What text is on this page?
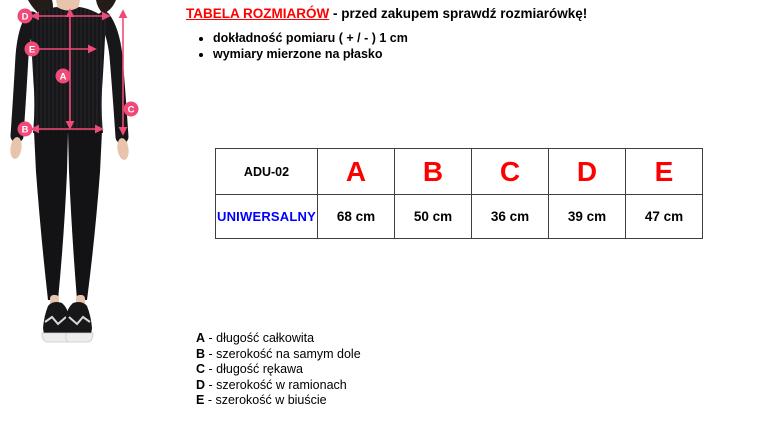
D
E
A
C
B
TABELA ROZMIARÓW - przed zakupem sprawdź rozmiarówkę!
• dokładność pomiaru ( + / - ) 1 cm
• wymiary mierzone na płasko
ADU-02	A	B	C	D	E
UNIWERSALNY	68 cm	50 cm	36 cm	39 cm	47 cm
A - długość całkowita
B - szerokość na samym dole
C - długość rękawa
D - szerokość w ramionach
E - szerokość w biuście
